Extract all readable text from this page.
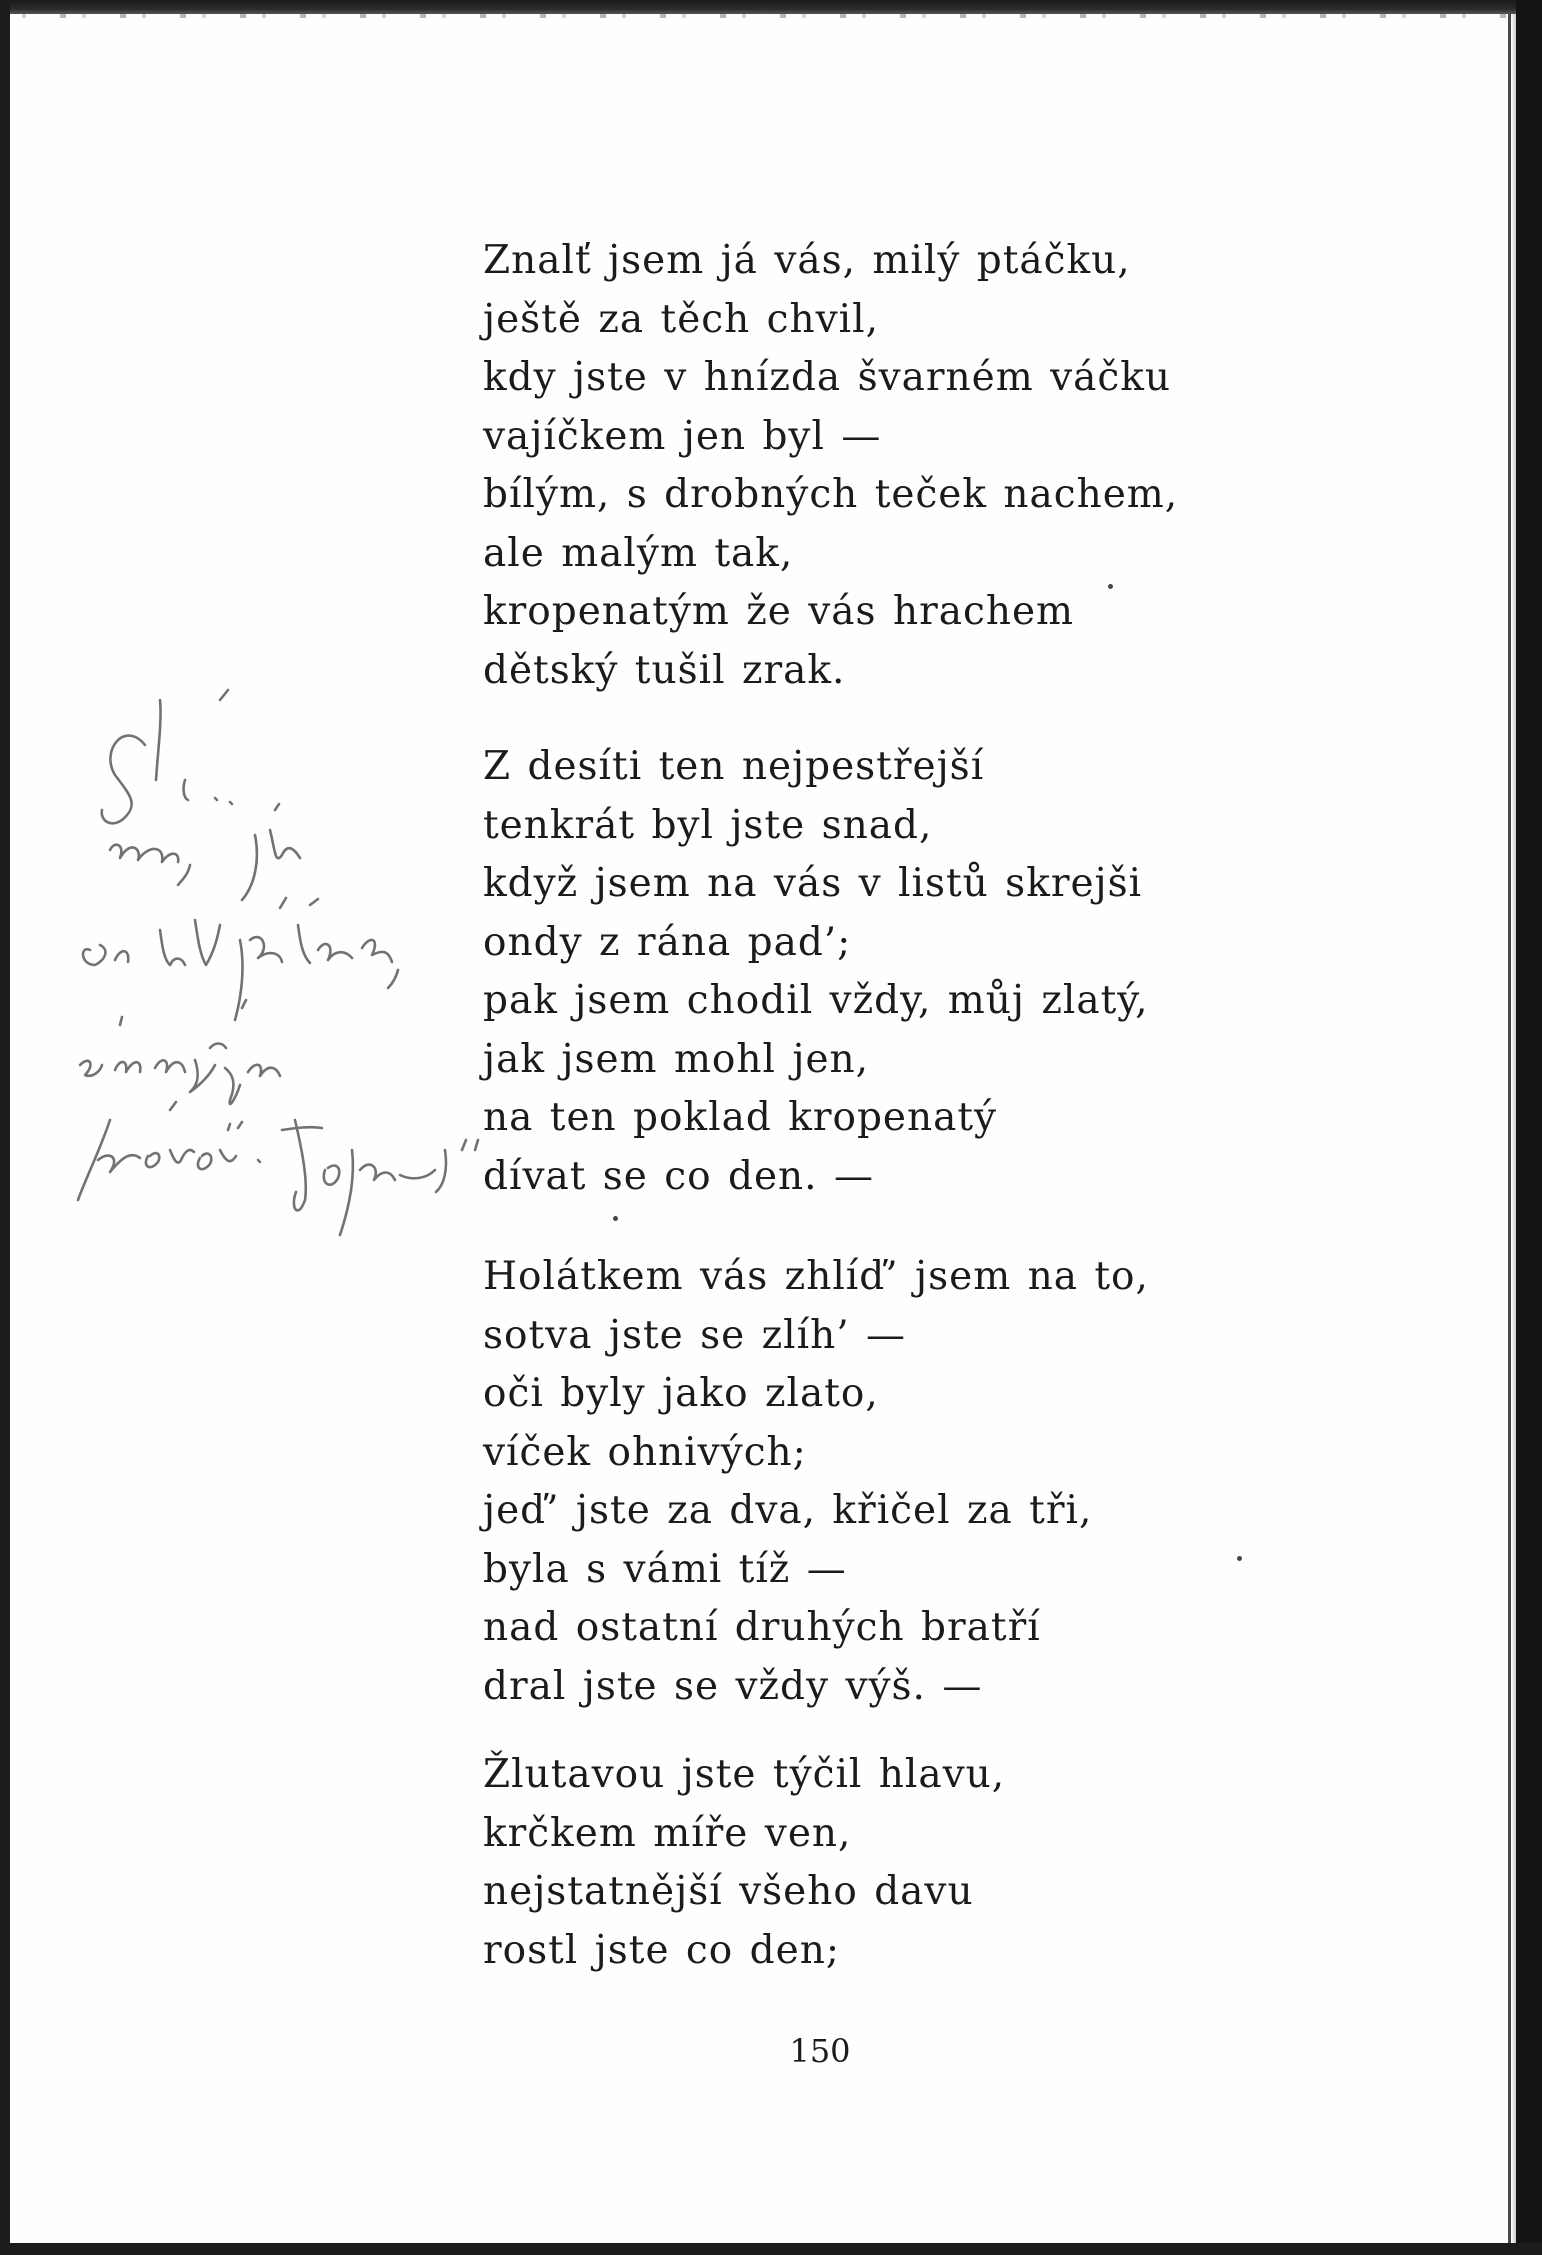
Znalť jsem já vás, milý ptáčku,
ještě za těch chvil,
kdy jste v hnízda švarném váčku
vajíčkem jen byl —
bílým, s drobných teček nachem,
ale malým tak,
kropenatým že vás hrachem
dětský tušil zrak.
Z desíti ten nejpestřejší
tenkrát byl jste snad,
když jsem na vás v listů skrejši
ondy z rána pad’;
pak jsem chodil vždy, můj zlatý,
jak jsem mohl jen,
na ten poklad kropenatý
dívat se co den. —
Holátkem vás zhlíď’ jsem na to,
sotva jste se zlíh’ —
oči byly jako zlato,
víček ohnivých;
jeď’ jste za dva, křičel za tři,
byla s vámi tíž —
nad ostatní druhých bratří
dral jste se vždy výš. —
Žlutavou jste týčil hlavu,
krčkem míře ven,
nejstatnější všeho davu
rostl jste co den;
150
